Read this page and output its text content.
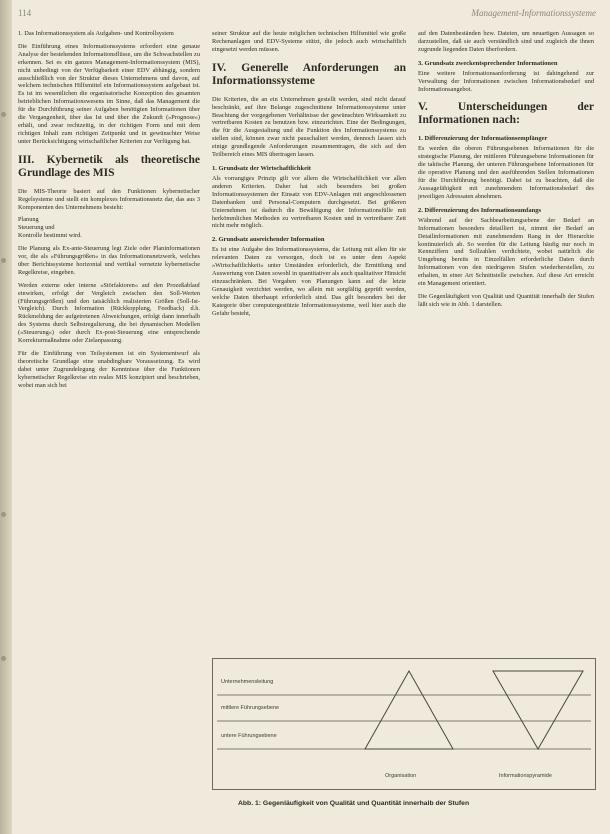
114	Management-Informationssysteme

1. Das Informationssystem als Aufgaben- und Kontrollsystem

Die Einführung eines Informationssystems erfordert eine genaue Analyse der bestehenden Informationsflüsse, um die Schwachstellen zu erkennen. Sei es ein ganzes Management-Informationssystem (MIS), nicht unbedingt von der Verfügbarkeit einer EDV abhängig, sondern ausschließlich von der Struktur dieses Unternehmens und davon, auf welchem technischen Hilfsmittel ein Informationssystem aufgebaut ist. Es ist im wesentlichen die organisatorische Konzeption des gesamten betrieblichen Informationswesens im Sinne, daß das Management die für die Durchführung seiner Aufgaben benötigten Informationen über die Vergangenheit, über das Ist und über die Zukunft (»Prognose«) erhält, und zwar rechtzeitig, in der richtigen Form und mit dem richtigen Inhalt zum richtigen Zeitpunkt und in gewünschter Weise unter Berücksichtigung wirtschaftlicher Kriterien zur Verfügung hat.

III. Kybernetik als theoretische Grundlage des MIS

Die MIS-Theorie basiert auf den Funktionen kybernetischer Regelsysteme und stellt ein komplexes Informationsnetz dar, das aus 3 Komponenten des Unternehmens besteht:

Planung
Steuerung und
Kontrolle bestimmt wird.

Die Planung als Ex-ante-Steuerung legt Ziele oder Planinformationen vor, die als »Führungsgrößen« in das Informationsnetzwerk, welches über Berichtssysteme horizontal und vertikal vernetzte kybernetische Regelkreise, eingeben.

Werden externe oder interne »Störfaktoren« auf den Prozeßablauf einwirken, erfolgt der Vergleich zwischen den Soll-Werten (Führungsgrößen) und den tatsächlich realisierten Größen (Soll-Ist-Vergleich). Durch Information (Rückkopplung, Feedback) d.h. Rückmeldung der aufgetretenen Abweichungen, erfolgt dann innerhalb des Systems durch Selbstregulierung, die bei dynamischen Modellen (»Steuerung«) oder durch Ex-post-Steuerung eine entsprechende Korrekturmaßnahme oder Zielanpassung.

Für die Einführung von Teilsystemen ist ein Systementwurf als theoretische Grundlage eine unabdingbare Voraussetzung. Es wird dabei unter Zugrundelegung der Kenntnisse über die Funktionen kybernetischer Regelkreise ein reales MIS konzipiert und beschrieben, wobei man sich bei

seiner Struktur auf die heute möglichen technischen Hilfsmittel wie große Rechenanlagen und EDV-Systeme stützt, die jedoch auch wirtschaftlich eingesetzt werden müssen.

IV. Generelle Anforderungen an Informationssysteme

Die Kriterien, die an ein Unternehmen gestellt werden, sind nicht darauf beschränkt, auf ihre Belange zugeschnittene Informationssysteme unter Beachtung der vorgegebenen Verhältnisse der gewünschten Wirksamkeit zu vertretbaren Kosten zu benutzen bzw. einzurichten. Eine der Bedingungen, die für die Ausgestaltung und die Funktion des Informationssystems zu stellen sind, können zwar nicht pauschaliert werden, dennoch lassen sich einige grundlegende Anforderungen zusammentragen, die sich auf den Teilbereich eines MIS übertragen lassen.

1. Grundsatz der Wirtschaftlichkeit

Als vorrangiges Prinzip gilt vor allem die Wirtschaftlichkeit vor allen anderen Kriterien. Daher hat sich besonders bei großen Informationssystemen der Einsatz von EDV-Anlagen mit angeschlossenen Datenbanken und Personal-Computern durchgesetzt. Bei größeren Unternehmen ist dadurch die Bewältigung der Informationsfülle mit herkömmlichen Methoden zu vertretbaren Kosten und in vertretbarer Zeit nicht mehr möglich.

2. Grundsatz ausreichender Information

Es ist eine Aufgabe des Informationssystems, die Leitung mit allen für sie relevanten Daten zu versorgen, doch ist es unter dem Aspekt »Wirtschaftlichkeit« unter Umständen erforderlich, die Ermittlung und Auswertung von Daten sowohl in quantitativer als auch qualitativer Hinsicht einzuschränken. Bei Vorgaben von Planungen kann auf die letzte Genauigkeit verzichtet werden, wo allein mit sorgfältig geprüft werden, welche Daten überhaupt erforderlich sind. Das gilt besonders bei der Kategorie über computergestützte Informationssysteme, weil hier auch die Gefahr besteht,

auf den Datenbeständen bzw. Dateien, um neuartigen Aussagen so darzustellen, daß sie auch verständlich sind und zugleich die ihnen zugrunde liegenden Daten überfordern.

3. Grundsatz zweckentsprechender Informationen

Eine weitere Informationsanforderung ist dahingehend zur Verwaltung der Informationen zwischen Informationsbedarf und Informationsangebot.

V. Unterscheidungen der Informationen nach:
1. Differenzierung der Informationsempfänger

Es werden die oberen Führungsebenen Informationen für die strategische Planung, der mittleren Führungsebene Informationen für die taktische Planung, der unteren Führungsebene Informationen für die operative Planung und den ausführenden Stellen Informationen für die Durchführung benötigt. Dabei ist zu beachten, daß die Aussagefähigkeit mit zunehmendem Informationsbedarf des jeweiligen Adressaten abnehmen.

2. Differenzierung des Informationsumfangs

Während auf der Sachbearbeitungsebene der Bedarf an Informationen besonders detailliert ist, nimmt der Bedarf an Detailinformationen mit zunehmendem Rang in der Hierarchie kontinuierlich ab. So werden für die Leitung häufig nur noch in Kennziffern und Sollzahlen verdichtete, wobei natürlich die Umgebung bereits in Einzelfällen erforderliche Daten durch Informationen von den niedrigeren Stufen wiederherstellen, zu erhalten, in einer Art Schnittstelle zwischen. Auf diese Art erreicht ein Management orientiert.

Die Gegenläufigkeit von Qualität und Quantität innerhalb der Stufen läßt sich wie in Abb. 1 darstellen.

Unternehmensleitung
mittlere Führungsebene
untere Führungsebene
Organisation	Informationspyramide
Abb. 1: Gegenläufigkeit von Qualität und Quantität innerhalb der Stufen
